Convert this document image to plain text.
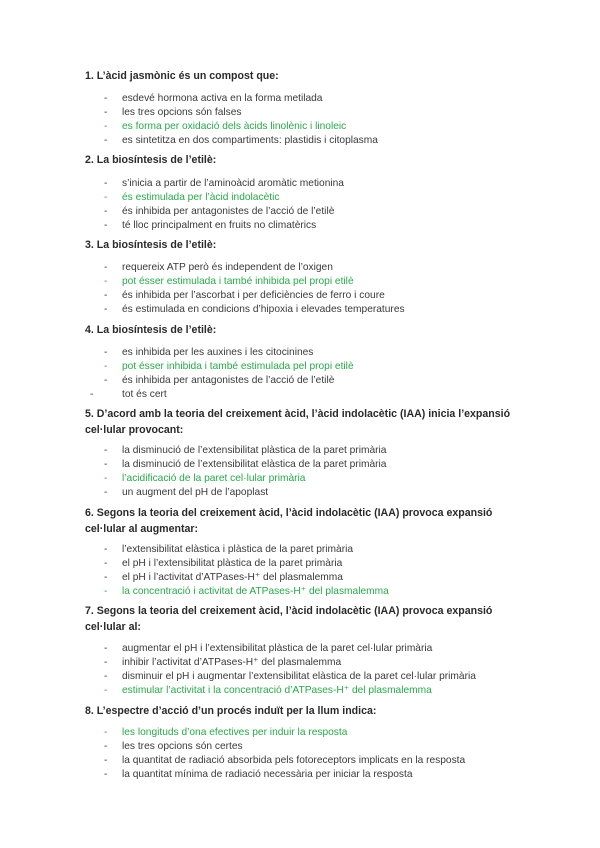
1. L’àcid jasmònic és un compost que:
- esdevé hormona activa en la forma metilada
- les tres opcions són falses
- es forma per oxidació dels àcids linolènic i linoleic
- es sintetitza en dos compartiments: plastidis i citoplasma
2. La biosíntesis de l’etilè:
- s’inicia a partir de l’aminoàcid aromàtic metionina
- és estimulada per l’àcid indolacètic
- és inhibida per antagonistes de l’acció de l’etilè
- té lloc principalment en fruits no climatèrics
3. La biosíntesis de l’etilè:
- requereix ATP però és independent de l’oxigen
- pot ésser estimulada i també inhibida pel propi etilè
- és inhibida per l’ascorbat i per deficiències de ferro i coure
- és estimulada en condicions d’hipoxia i elevades temperatures
4. La biosíntesis de l’etilè:
- es inhibida per les auxines i les citocinines
- pot ésser inhibida i també estimulada pel propi etilè
- és inhibida per antagonistes de l’acció de l’etilè
-	tot és cert
5. D’acord amb la teoria del creixement àcid, l’àcid indolacètic (IAA) inicia l’expansió cel·lular provocant:
- la disminució de l’extensibilitat plàstica de la paret primària
- la disminució de l’extensibilitat elàstica de la paret primària
- l’acidificació de la paret cel·lular primària
- un augment del pH de l’apoplast
6. Segons la teoria del creixement àcid, l’àcid indolacètic (IAA) provoca expansió cel·lular al augmentar:
- l’extensibilitat elàstica i plàstica de la paret primària
- el pH i l’extensibilitat plàstica de la paret primària
- el pH i l’activitat d’ATPases-H⁺ del plasmalemma
- la concentració i activitat de ATPases-H⁺ del plasmalemma
7. Segons la teoria del creixement àcid, l’àcid indolacètic (IAA) provoca expansió cel·lular al:
- augmentar el pH i l’extensibilitat plàstica de la paret cel·lular primària
- inhibir l’activitat d’ATPases-H⁺ del plasmalemma
- disminuir el pH i augmentar l’extensibilitat elàstica de la paret cel·lular primària
- estimular l’activitat i la concentració d’ATPases-H⁺ del plasmalemma
8. L’espectre d’acció d’un procés induït per la llum indica:
- les longituds d’ona efectives per induir la resposta
- les tres opcions són certes
- la quantitat de radiació absorbida pels fotoreceptors implicats en la resposta
- la quantitat mínima de radiació necessària per iniciar la resposta
